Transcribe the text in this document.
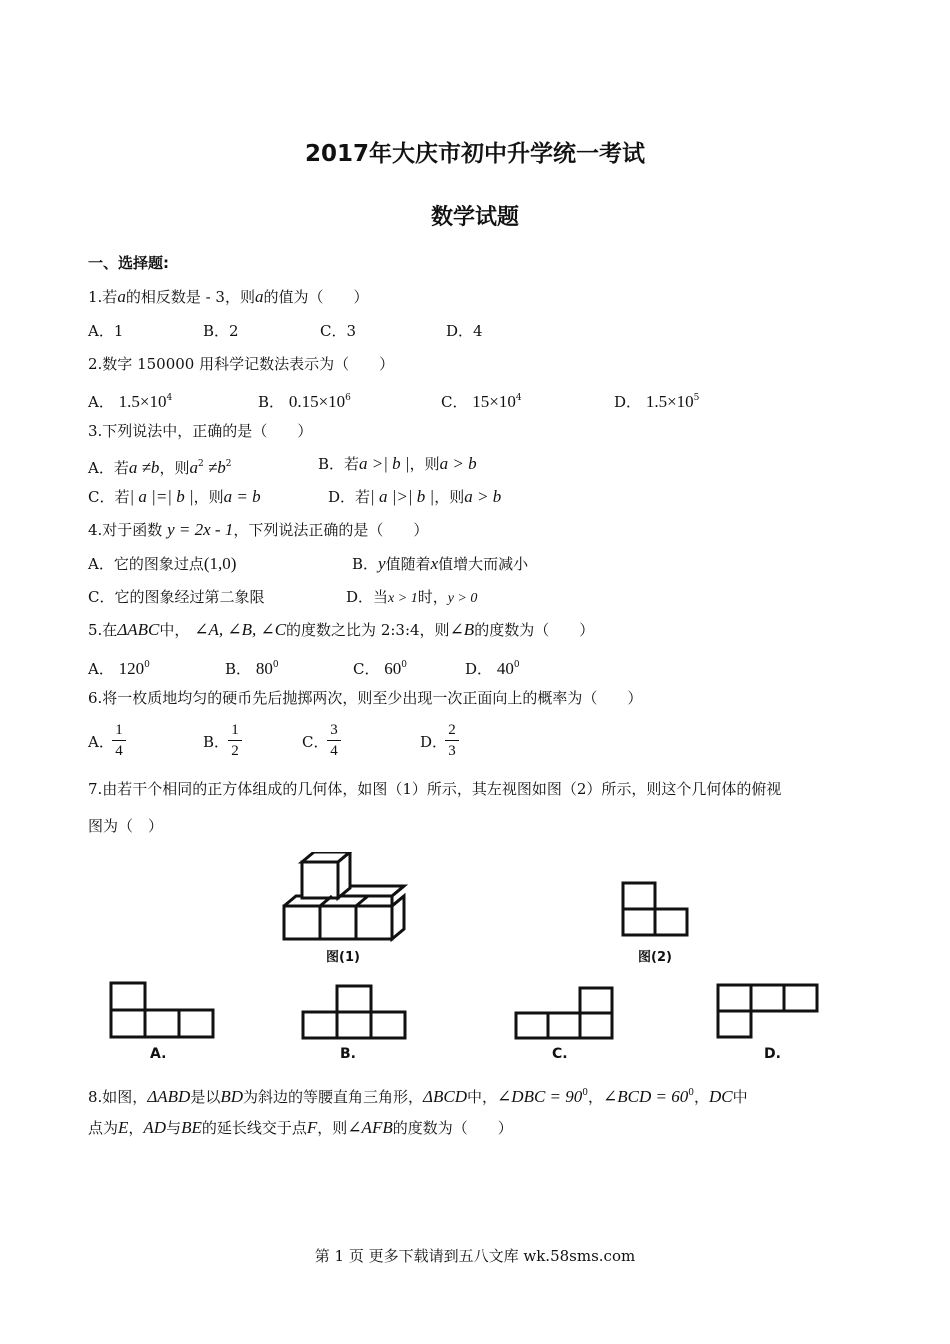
2017年大庆市初中升学统一考试
数学试题
一、选择题:
1.若a的相反数是 - 3，则a的值为（　　）
A．1	B．2	C．3	D．4
2.数字 150000 用科学记数法表示为（　　）
A． $1.5\times 10^4$	B． $0.15\times 10^6$	C． $15\times 10^4$	D． $1.5\times 10^5$
3.下列说法中，正确的是（　　）
A．若a ≠b，则$a^2 \ne b^2$	B．若a >| b |，则a > b
C．若| a |=| b |，则a = b	D．若| a |>| b |，则a > b
4.对于函数 y = 2x - 1，下列说法正确的是（　　）
A．它的图象过点(1,0)	B．y值随着x值增大而减小
C．它的图象经过第二象限	D．当x > 1时，y > 0
5.在ΔABC中， ∠A, ∠B, ∠C的度数之比为 2:3:4，则∠B的度数为（　　）
A． $120^0$	B． $80^0$	C． $60^0$	D． $40^0$
6.将一枚质地均匀的硬币先后抛掷两次，则至少出现一次正面向上的概率为（　　）
A．
1
4	B．
1
2	C．
3
4	D．
2
3
7.由若干个相同的正方体组成的几何体，如图（1）所示，其左视图如图（2）所示，则这个几何体的俯视
图为（　）
图(1)	图(2)
A.	B.	C.	D.
8.如图，ΔABD是以BD为斜边的等腰直角三角形，ΔBCD中，∠DBC = $90^0$，∠BCD = $60^0$，DC中
点为E，AD与BE的延长线交于点F，则∠AFB的度数为（　　）
第 1 页 更多下载请到五八文库 wk.58sms.com
